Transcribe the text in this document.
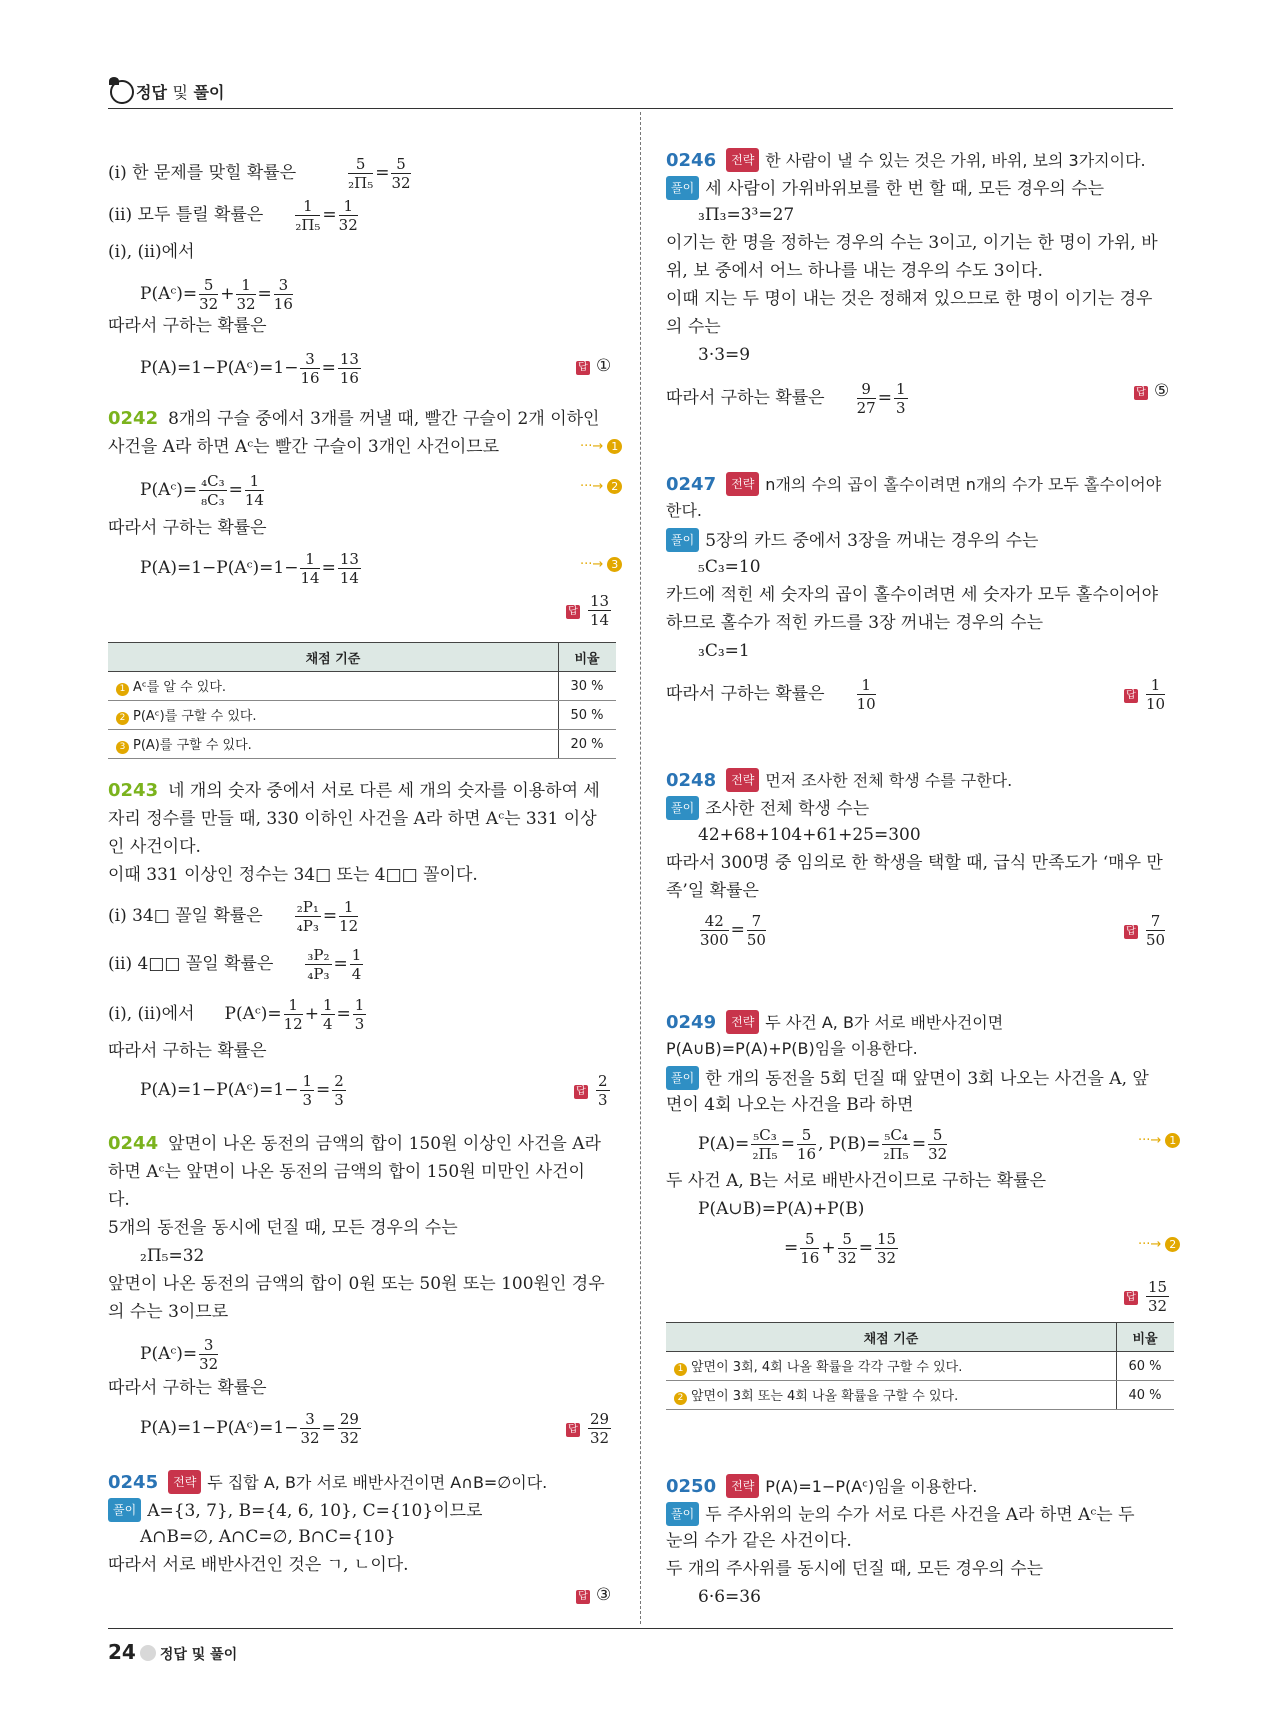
정답 및 풀이
(ⅰ) 한 문제를 맞힐 확률은	$\frac{5}{\text{₂Π₅}} = \frac{5}{32}$
(ⅱ) 모두 틀릴 확률은 $\frac{1}{\text{₂Π₅}} = \frac{1}{32}$
(ⅰ), (ⅱ)에서
P(Aᶜ)= $\frac{5}{32} + \frac{1}{32} = \frac{3}{16}$
따라서 구하는 확률은
P(A)=1−P(Aᶜ)=1− $\frac{3}{16} = \frac{13}{16}$	답 ①
0242 8개의 구슬 중에서 3개를 꺼낼 때, 빨간 구슬이 2개 이하인
사건을 A라 하면 Aᶜ는 빨간 구슬이 3개인 사건이므로	···→ 1
P(Aᶜ)= $\frac{\text{₄C₃}}{\text{₈C₃}} = \frac{1}{14}$	···→ 2
따라서 구하는 확률은
P(A)=1−P(Aᶜ)=1− $\frac{1}{14} = \frac{13}{14}$	···→ 3
답 $\frac{13}{14}$
채점 기준	비율
1 Aᶜ를 알 수 있다.	30 %
2 P(Aᶜ)를 구할 수 있다.	50 %
3 P(A)를 구할 수 있다.	20 %
0243 네 개의 숫자 중에서 서로 다른 세 개의 숫자를 이용하여 세
자리 정수를 만들 때, 330 이하인 사건을 A라 하면 Aᶜ는 331 이상
인 사건이다.
이때 331 이상인 정수는 34□ 또는 4□□ 꼴이다.
(ⅰ) 34□ 꼴일 확률은 $\frac{\text{₂P₁}}{\text{₄P₃}} = \frac{1}{12}$
(ⅱ) 4□□ 꼴일 확률은 $\frac{\text{₃P₂}}{\text{₄P₃}} = \frac{1}{4}$
(ⅰ), (ⅱ)에서 P(Aᶜ)= $\frac{1}{12} + \frac{1}{4} = \frac{1}{3}$
따라서 구하는 확률은
P(A)=1−P(Aᶜ)=1− $\frac{1}{3} = \frac{2}{3}$	답 $\frac{2}{3}$
0244 앞면이 나온 동전의 금액의 합이 150원 이상인 사건을 A라
하면 Aᶜ는 앞면이 나온 동전의 금액의 합이 150원 미만인 사건이
다.
5개의 동전을 동시에 던질 때, 모든 경우의 수는
₂Π₅=32
앞면이 나온 동전의 금액의 합이 0원 또는 50원 또는 100원인 경우
의 수는 3이므로
P(Aᶜ)= $\frac{3}{32}$
따라서 구하는 확률은
P(A)=1−P(Aᶜ)=1− $\frac{3}{32} = \frac{29}{32}$	답 $\frac{29}{32}$
0245 전략 두 집합 A, B가 서로 배반사건이면 A∩B=∅이다.
풀이 A={3, 7}, B={4, 6, 10}, C={10}이므로
A∩B=∅, A∩C=∅, B∩C={10}
따라서 서로 배반사건인 것은 ㄱ, ㄴ이다.
답 ③
0246 전략 한 사람이 낼 수 있는 것은 가위, 바위, 보의 3가지이다.
풀이 세 사람이 가위바위보를 한 번 할 때, 모든 경우의 수는
₃Π₃=3³=27
이기는 한 명을 정하는 경우의 수는 3이고, 이기는 한 명이 가위, 바
위, 보 중에서 어느 하나를 내는 경우의 수도 3이다.
이때 지는 두 명이 내는 것은 정해져 있으므로 한 명이 이기는 경우
의 수는
3·3=9
따라서 구하는 확률은 $\frac{9}{27} = \frac{1}{3}$	답 ⑤
0247 전략 n개의 수의 곱이 홀수이려면 n개의 수가 모두 홀수이어야
한다.
풀이 5장의 카드 중에서 3장을 꺼내는 경우의 수는
₅C₃=10
카드에 적힌 세 숫자의 곱이 홀수이려면 세 숫자가 모두 홀수이어야
하므로 홀수가 적힌 카드를 3장 꺼내는 경우의 수는
₃C₃=1
따라서 구하는 확률은 $\frac{1}{10}$	답 $\frac{1}{10}$
0248 전략 먼저 조사한 전체 학생 수를 구한다.
풀이 조사한 전체 학생 수는
42+68+104+61+25=300
따라서 300명 중 임의로 한 학생을 택할 때, 급식 만족도가 ‘매우 만
족’일 확률은
$\frac{42}{300} = \frac{7}{50}$	답 $\frac{7}{50}$
0249 전략 두 사건 A, B가 서로 배반사건이면
P(A∪B)=P(A)+P(B)임을 이용한다.
풀이 한 개의 동전을 5회 던질 때 앞면이 3회 나오는 사건을 A, 앞
면이 4회 나오는 사건을 B라 하면
$P(A)= \frac{\text{₅C₃}}{\text{₂Π₅}} = \frac{5}{16}$ , $P(B)= \frac{\text{₅C₄}}{\text{₂Π₅}} = \frac{5}{32}$	···→ 1
두 사건 A, B는 서로 배반사건이므로 구하는 확률은
P(A∪B)=P(A)+P(B)
= $\frac{5}{16} + \frac{5}{32} = \frac{15}{32}$	···→ 2
답 $\frac{15}{32}$
채점 기준	비율
1 앞면이 3회, 4회 나올 확률을 각각 구할 수 있다.	60 %
2 앞면이 3회 또는 4회 나올 확률을 구할 수 있다.	40 %
0250 전략 P(A)=1−P(Aᶜ)임을 이용한다.
풀이 두 주사위의 눈의 수가 서로 다른 사건을 A라 하면 Aᶜ는 두
눈의 수가 같은 사건이다.
두 개의 주사위를 동시에 던질 때, 모든 경우의 수는
6·6=36
24 정답 및 풀이
